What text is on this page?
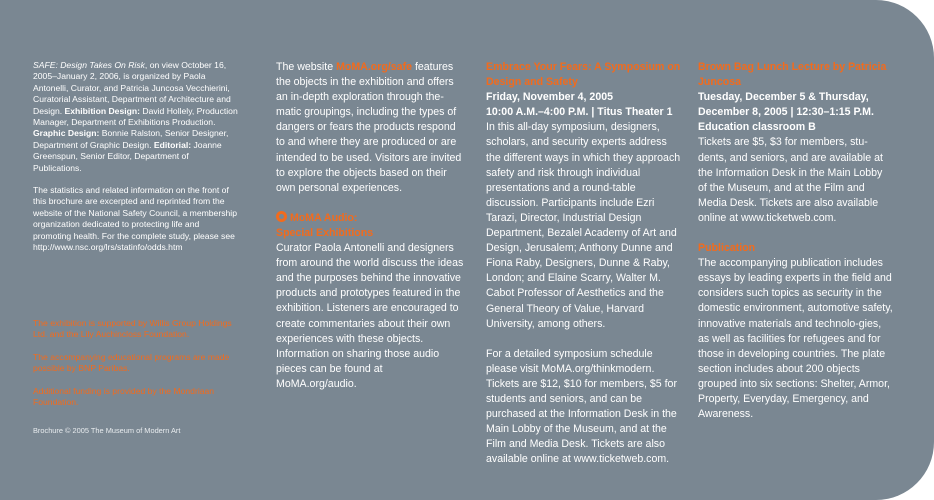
SAFE: Design Takes On Risk, on view October 16, 2005–January 2, 2006, is organized by Paola Antonelli, Curator, and Patricia Juncosa Vecchierini, Curatorial Assistant, Department of Architecture and Design. Exhibition Design: David Hollely, Production Manager, Department of Exhibitions Production. Graphic Design: Bonnie Ralston, Senior Designer, Department of Graphic Design. Editorial: Joanne Greenspun, Senior Editor, Department of Publications.

The statistics and related information on the front of this brochure are excerpted and reprinted from the website of the National Safety Council, a membership organization dedicated to protecting life and promoting health. For the complete study, please see http://www.nsc.org/lrs/statinfo/odds.htm

The exhibition is supported by Willis Group Holdings Ltd. and the Lily Auchincloss Foundation.

The accompanying educational programs are made possible by BNP Paribas.

Additional funding is provided by the Mondriaan Foundation.

Brochure © 2005 The Museum of Modern Art

The website MoMA.org/safe features the objects in the exhibition and offers an in-depth exploration through the-matic groupings, including the types of dangers or fears the products respond to and where they are produced or are intended to be used. Visitors are invited to explore the objects based on their own personal experiences.

MoMA Audio:
Special Exhibitions

Curator Paola Antonelli and designers from around the world discuss the ideas and the purposes behind the innovative products and prototypes featured in the exhibition. Listeners are encouraged to create commentaries about their own experiences with these objects. Information on sharing those audio pieces can be found at MoMA.org/audio.

Embrace Your Fears: A Symposium on Design and Safety

Friday, November 4, 2005

10:00 A.M.–4:00 P.M. | Titus Theater 1

In this all-day symposium, designers, scholars, and security experts address the different ways in which they approach safety and risk through individual presentations and a round-table discussion. Participants include Ezri Tarazi, Director, Industrial Design Department, Bezalel Academy of Art and Design, Jerusalem; Anthony Dunne and Fiona Raby, Designers, Dunne & Raby, London; and Elaine Scarry, Walter M. Cabot Professor of Aesthetics and the General Theory of Value, Harvard University, among others.

For a detailed symposium schedule please visit MoMA.org/thinkmodern. Tickets are $12, $10 for members, $5 for students and seniors, and can be purchased at the Information Desk in the Main Lobby of the Museum, and at the Film and Media Desk. Tickets are also available online at www.ticketweb.com.

Brown Bag Lunch Lecture by Patricia Juncosa

Tuesday, December 5 & Thursday, December 8, 2005 | 12:30–1:15 P.M.

Education classroom B

Tickets are $5, $3 for members, stu-dents, and seniors, and are available at the Information Desk in the Main Lobby of the Museum, and at the Film and Media Desk. Tickets are also available online at www.ticketweb.com.

Publication

The accompanying publication includes essays by leading experts in the field and considers such topics as security in the domestic environment, automotive safety, innovative materials and technolo-gies, as well as facilities for refugees and for those in developing countries. The plate section includes about 200 objects grouped into six sections: Shelter, Armor, Property, Everyday, Emergency, and Awareness.
